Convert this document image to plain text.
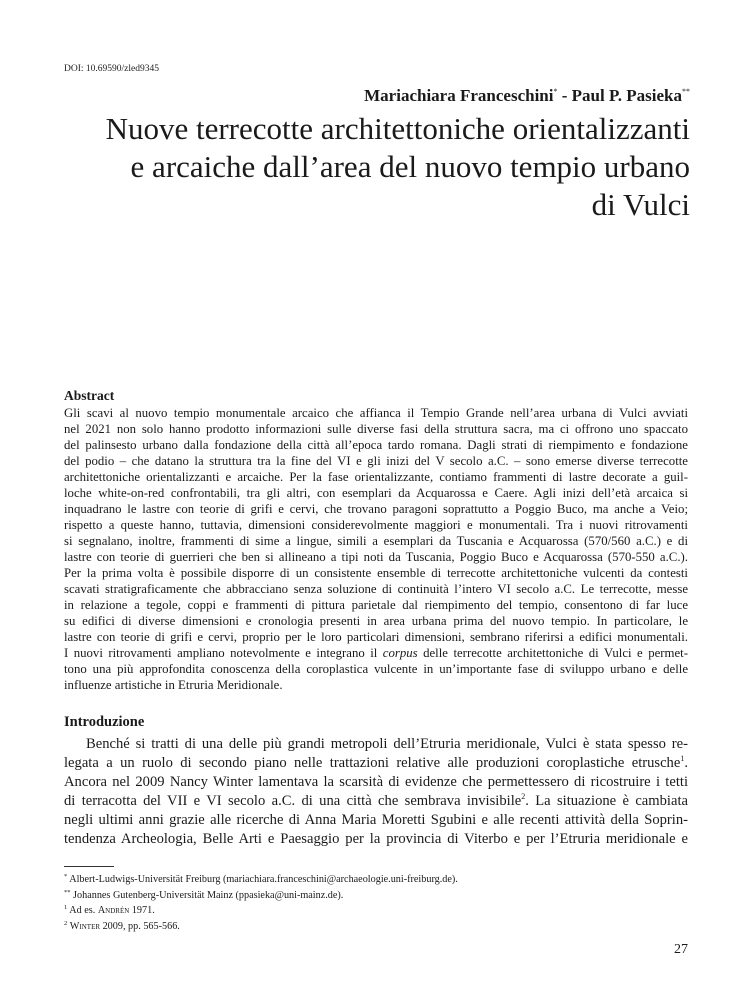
DOI: 10.69590/zled9345
Mariachiara Franceschini* - Paul P. Pasieka**
Nuove terrecotte architettoniche orientalizzanti
e arcaiche dall’area del nuovo tempio urbano
di Vulci
Abstract

Gli scavi al nuovo tempio monumentale arcaico che affianca il Tempio Grande nell’area urbana di Vulci avviati
nel 2021 non solo hanno prodotto informazioni sulle diverse fasi della struttura sacra, ma ci offrono uno spaccato
del palinsesto urbano dalla fondazione della città all’epoca tardo romana. Dagli strati di riempimento e fondazione
del podio – che datano la struttura tra la fine del VI e gli inizi del V secolo a.C. – sono emerse diverse terrecotte
architettoniche orientalizzanti e arcaiche. Per la fase orientalizzante, contiamo frammenti di lastre decorate a guil-
loche white-on-red confrontabili, tra gli altri, con esemplari da Acquarossa e Caere. Agli inizi dell’età arcaica si
inquadrano le lastre con teorie di grifi e cervi, che trovano paragoni soprattutto a Poggio Buco, ma anche a Veio;
rispetto a queste hanno, tuttavia, dimensioni considerevolmente maggiori e monumentali. Tra i nuovi ritrovamenti
si segnalano, inoltre, frammenti di sime a lingue, simili a esemplari da Tuscania e Acquarossa (570/560 a.C.) e di
lastre con teorie di guerrieri che ben si allineano a tipi noti da Tuscania, Poggio Buco e Acquarossa (570-550 a.C.).
Per la prima volta è possibile disporre di un consistente ensemble di terrecotte architettoniche vulcenti da contesti
scavati stratigraficamente che abbracciano senza soluzione di continuità l’intero VI secolo a.C. Le terrecotte, messe
in relazione a tegole, coppi e frammenti di pittura parietale dal riempimento del tempio, consentono di far luce
su edifici di diverse dimensioni e cronologia presenti in area urbana prima del nuovo tempio. In particolare, le
lastre con teorie di grifi e cervi, proprio per le loro particolari dimensioni, sembrano riferirsi a edifici monumentali.
I nuovi ritrovamenti ampliano notevolmente e integrano il corpus delle terrecotte architettoniche di Vulci e permet-
tono una più approfondita conoscenza della coroplastica vulcente in un’importante fase di sviluppo urbano e delle
influenze artistiche in Etruria Meridionale.

Introduzione
Benché si tratti di una delle più grandi metropoli dell’Etruria meridionale, Vulci è stata spesso re-
legata a un ruolo di secondo piano nelle trattazioni relative alle produzioni coroplastiche etrusche$^1$.
Ancora nel 2009 Nancy Winter lamentava la scarsità di evidenze che permettessero di ricostruire i tetti
di terracotta del VII e VI secolo a.C. di una città che sembrava invisibile$^2$. La situazione è cambiata
negli ultimi anni grazie alle ricerche di Anna Maria Moretti Sgubini e alle recenti attività della Soprin-
tendenza Archeologia, Belle Arti e Paesaggio per la provincia di Viterbo e per l’Etruria meridionale e
* Albert-Ludwigs-Universität Freiburg (mariachiara.franceschini@archaeologie.uni-freiburg.de).
** Johannes Gutenberg-Universität Mainz (ppasieka@uni-mainz.de).
$^1$ Ad es. Andrén 1971.
$^2$ Winter 2009, pp. 565-566.
27
